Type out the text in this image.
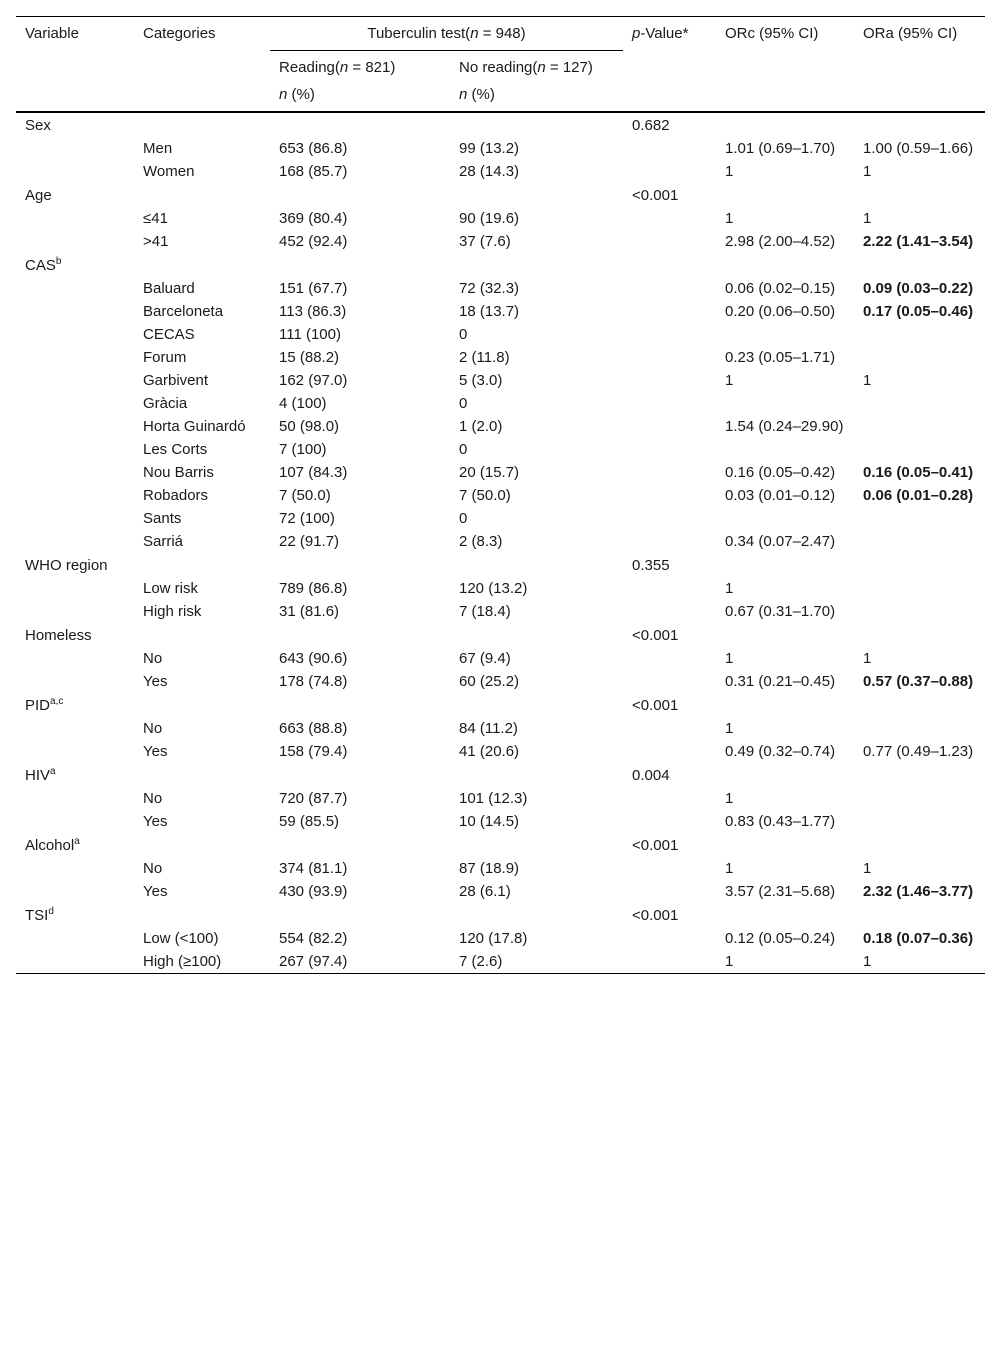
Variable	Categories	Tuberculin test(n = 948)		p-Value*	ORc (95% CI)	ORa (95% CI)
		Reading(n = 821)	No reading(n = 127)			
		n (%)	n (%)			
Sex				0.682		
	Men	653 (86.8)	99 (13.2)		1.01 (0.69–1.70)	1.00 (0.59–1.66)
	Women	168 (85.7)	28 (14.3)		1	1
Age				<0.001		
	≤41	369 (80.4)	90 (19.6)		1	1
	>41	452 (92.4)	37 (7.6)		2.98 (2.00–4.52)	2.22 (1.41–3.54)
CAS$^b$						
	Baluard	151 (67.7)	72 (32.3)		0.06 (0.02–0.15)	0.09 (0.03–0.22)
	Barceloneta	113 (86.3)	18 (13.7)		0.20 (0.06–0.50)	0.17 (0.05–0.46)
	CECAS	111 (100)	0			
	Forum	15 (88.2)	2 (11.8)		0.23 (0.05–1.71)	
	Garbivent	162 (97.0)	5 (3.0)		1	1
	Gràcia	4 (100)	0			
	Horta Guinardó	50 (98.0)	1 (2.0)		1.54 (0.24–29.90)	
	Les Corts	7 (100)	0			
	Nou Barris	107 (84.3)	20 (15.7)		0.16 (0.05–0.42)	0.16 (0.05–0.41)
	Robadors	7 (50.0)	7 (50.0)		0.03 (0.01–0.12)	0.06 (0.01–0.28)
	Sants	72 (100)	0			
	Sarriá	22 (91.7)	2 (8.3)		0.34 (0.07–2.47)	
WHO region				0.355		
	Low risk	789 (86.8)	120 (13.2)		1	
	High risk	31 (81.6)	7 (18.4)		0.67 (0.31–1.70)	
Homeless				<0.001		
	No	643 (90.6)	67 (9.4)		1	1
	Yes	178 (74.8)	60 (25.2)		0.31 (0.21–0.45)	0.57 (0.37–0.88)
PID$^{a,c}$				<0.001		
	No	663 (88.8)	84 (11.2)		1	
	Yes	158 (79.4)	41 (20.6)		0.49 (0.32–0.74)	0.77 (0.49–1.23)
HIV$^a$				0.004		
	No	720 (87.7)	101 (12.3)		1	
	Yes	59 (85.5)	10 (14.5)		0.83 (0.43–1.77)	
Alcohol$^a$				<0.001		
	No	374 (81.1)	87 (18.9)		1	1
	Yes	430 (93.9)	28 (6.1)		3.57 (2.31–5.68)	2.32 (1.46–3.77)
TSI$^d$				<0.001		
	Low (<100)	554 (82.2)	120 (17.8)		0.12 (0.05–0.24)	0.18 (0.07–0.36)
	High (≥100)	267 (97.4)	7 (2.6)		1	1
